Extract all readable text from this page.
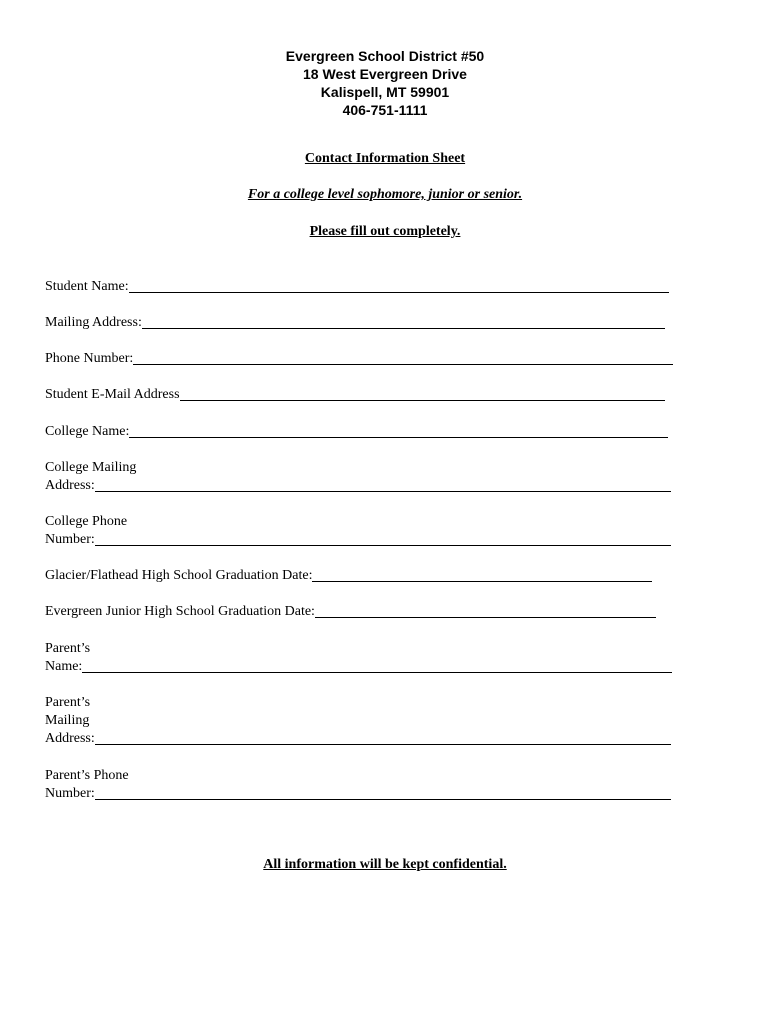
Evergreen School District #50
18 West Evergreen Drive
Kalispell, MT 59901
406-751-1111
Contact Information Sheet
For a college level sophomore, junior or senior.
Please fill out completely.
Student Name:
Mailing Address:
Phone Number:
Student E-Mail Address
College Name:
College Mailing
Address:
College Phone
Number:
Glacier/Flathead High School Graduation Date:
Evergreen Junior High School Graduation Date:
Parent’s
Name:
Parent’s
Mailing
Address:
Parent’s Phone
Number:
All information will be kept confidential.
